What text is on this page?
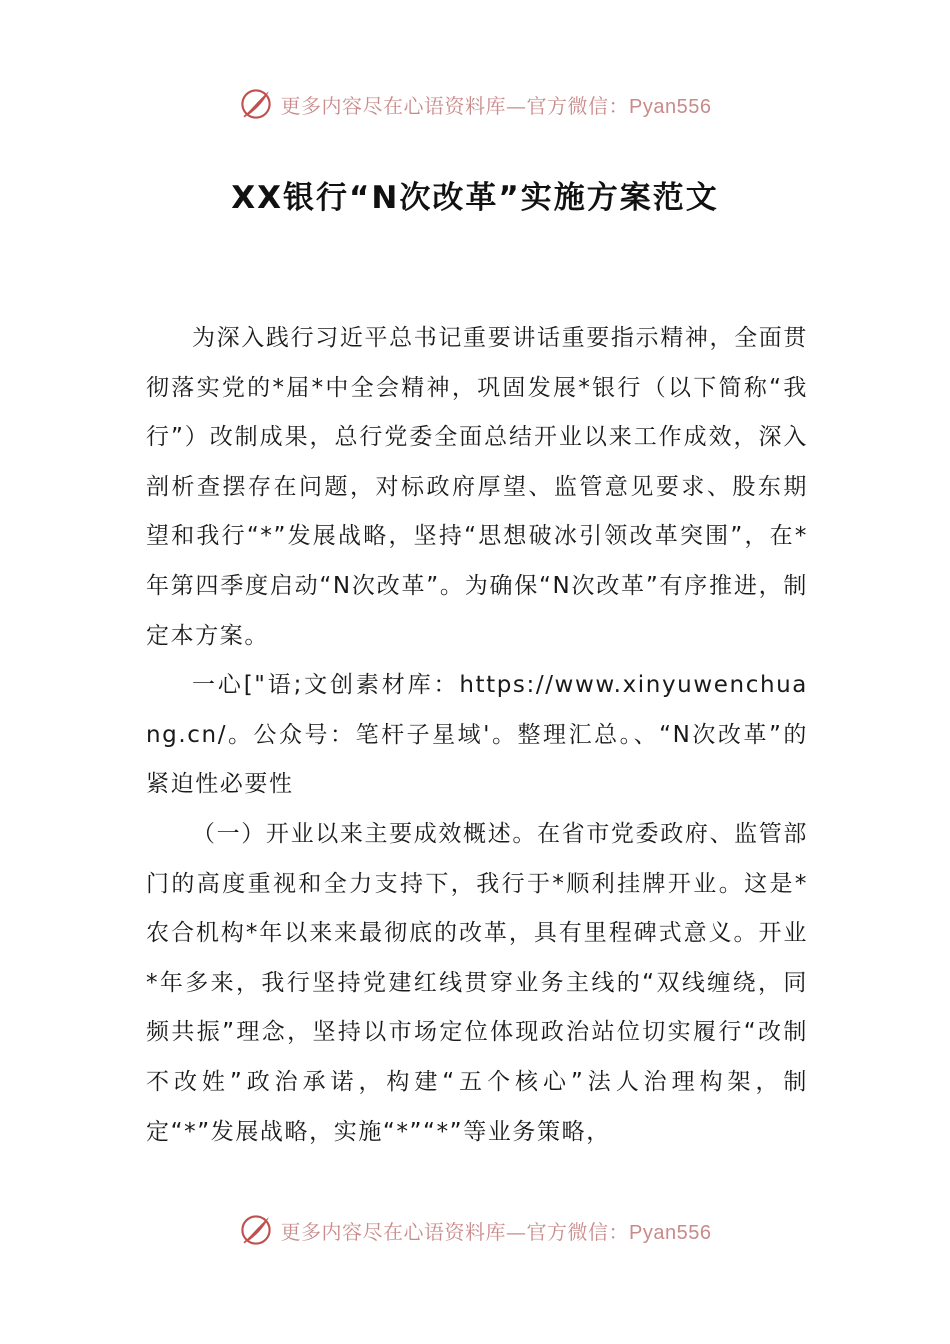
更多内容尽在心语资料库—官方微信：Pyan556
XX银行“N次改革”实施方案范文

为深入践行习近平总书记重要讲话重要指示精神，全面贯彻落实党的*届*中全会精神，巩固发展*银行（以下简称“我行”）改制成果，总行党委全面总结开业以来工作成效，深入剖析查摆存在问题，对标政府厚望、监管意见要求、股东期望和我行“*”发展战略，坚持“思想破冰引领改革突围”，在*年第四季度启动“N次改革”。为确保“N次改革”有序推进，制定本方案。

一心["语;文创素材库：https://www.xinyuwenchuang.cn/。公众号：笔杆子星域'。整理汇总。、“N次改革”的紧迫性必要性

（一）开业以来主要成效概述。在省市党委政府、监管部门的高度重视和全力支持下，我行于*顺利挂牌开业。这是*农合机构*年以来来最彻底的改革，具有里程碑式意义。开业*年多来，我行坚持党建红线贯穿业务主线的“双线缠绕，同频共振”理念，坚持以市场定位体现政治站位切实履行“改制不改姓”政治承诺，构建“五个核心”法人治理构架，制定“*”发展战略，实施“*”“*”等业务策略，

更多内容尽在心语资料库—官方微信：Pyan556
